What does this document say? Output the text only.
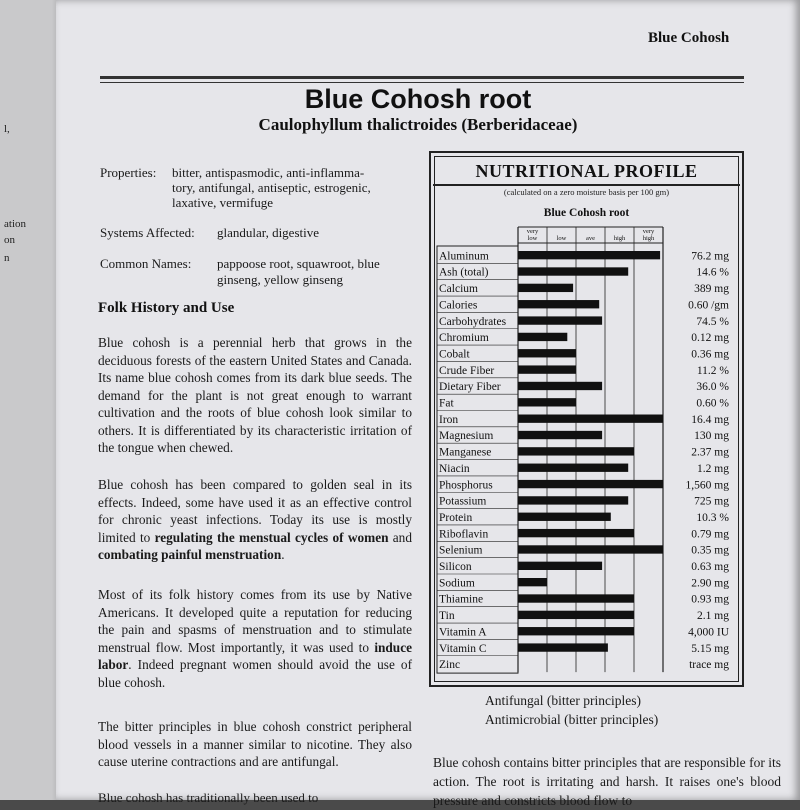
l,
ation
on
n
Blue Cohosh
Blue Cohosh root
Caulophyllum thalictroides (Berberidaceae)
Properties: bitter, antispasmodic, anti-inflamma-
tory, antifungal, antiseptic, estrogenic,
laxative, vermifuge
Systems Affected: glandular, digestive
Common Names: pappoose root, squawroot, blue
ginseng, yellow ginseng
Folk History and Use
Blue cohosh is a perennial herb that grows in the deciduous forests of the eastern United States and Canada. Its name blue cohosh comes from its dark blue seeds. The demand for the plant is not great enough to warrant cultivation and the roots of blue cohosh look similar to others. It is differentiated by its characteristic irritation of the tongue when chewed.
Blue cohosh has been compared to golden seal in its effects. Indeed, some have used it as an effective control for chronic yeast infections. Today its use is mostly limited to regulating the menstual cycles of women and combating painful menstruation.
Most of its folk history comes from its use by Native Americans. It developed quite a reputation for reducing the pain and spasms of menstruation and to stimulate menstrual flow. Most importantly, it was used to induce labor. Indeed pregnant women should avoid the use of blue cohosh.
The bitter principles in blue cohosh constrict peripheral blood vessels in a manner similar to nicotine. They also cause uterine contractions and are antifungal.
Blue cohosh has traditionally been used to
NUTRITIONAL PROFILE
(calculated on a zero moisture basis per 100 gm)
Blue Cohosh root
very
low	low	ave	high
very
high
Aluminum	76.2 mg
Ash (total)	14.6 %
Calcium	389 mg
Calories	0.60 /gm
Carbohydrates	74.5 %
Chromium	0.12 mg
Cobalt	0.36 mg
Crude Fiber	11.2 %
Dietary Fiber	36.0 %
Fat	0.60 %
Iron	16.4 mg
Magnesium	130 mg
Manganese	2.37 mg
Niacin	1.2 mg
Phosphorus	1,560 mg
Potassium	725 mg
Protein	10.3 %
Riboflavin	0.79 mg
Selenium	0.35 mg
Silicon	0.63 mg
Sodium	2.90 mg
Thiamine	0.93 mg
Tin	2.1 mg
Vitamin A	4,000 IU
Vitamin C	5.15 mg
Zinc	trace mg
Antifungal (bitter principles)
Antimicrobial (bitter principles)
Blue cohosh contains bitter principles that are responsible for its action. The root is irritating and harsh. It raises one's blood pressure and constricts blood flow to
